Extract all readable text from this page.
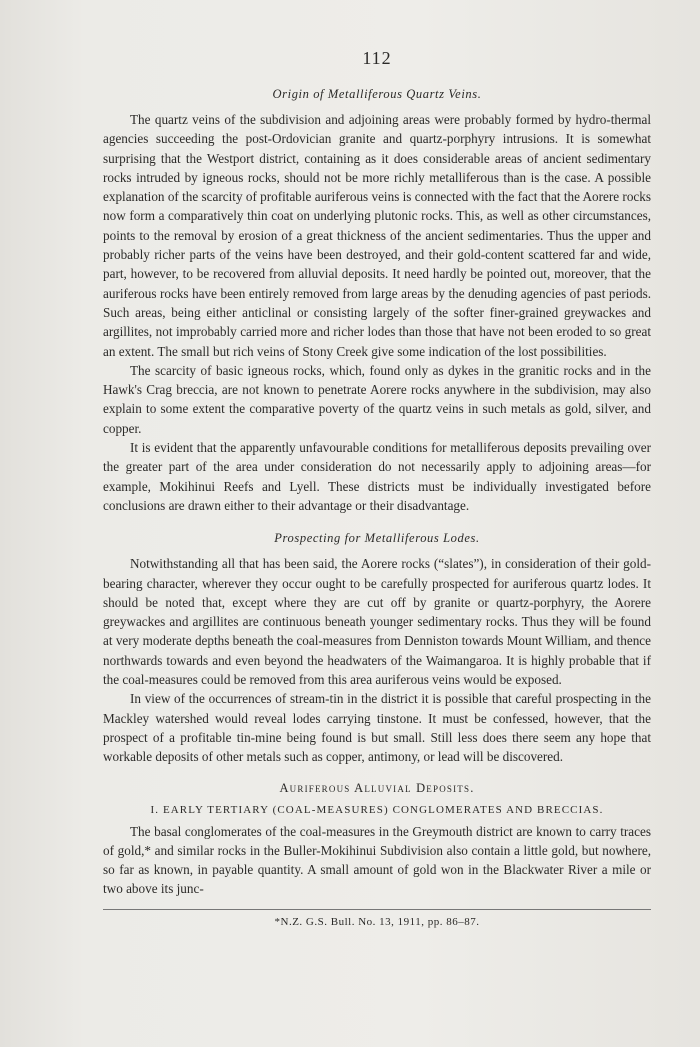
112
Origin of Metalliferous Quartz Veins.

The quartz veins of the subdivision and adjoining areas were probably formed by hydro-thermal agencies succeeding the post-Ordovician granite and quartz-porphyry intrusions. It is somewhat surprising that the Westport district, containing as it does considerable areas of ancient sedimentary rocks intruded by igneous rocks, should not be more richly metalliferous than is the case. A possible explanation of the scarcity of profitable auriferous veins is connected with the fact that the Aorere rocks now form a comparatively thin coat on underlying plutonic rocks. This, as well as other circumstances, points to the removal by erosion of a great thickness of the ancient sedimentaries. Thus the upper and probably richer parts of the veins have been destroyed, and their gold-content scattered far and wide, part, however, to be recovered from alluvial deposits. It need hardly be pointed out, moreover, that the auriferous rocks have been entirely removed from large areas by the denuding agencies of past periods. Such areas, being either anticlinal or consisting largely of the softer finer-grained greywackes and argillites, not improbably carried more and richer lodes than those that have not been eroded to so great an extent. The small but rich veins of Stony Creek give some indication of the lost possibilities.

The scarcity of basic igneous rocks, which, found only as dykes in the granitic rocks and in the Hawk's Crag breccia, are not known to penetrate Aorere rocks anywhere in the subdivision, may also explain to some extent the comparative poverty of the quartz veins in such metals as gold, silver, and copper.

It is evident that the apparently unfavourable conditions for metalliferous deposits prevailing over the greater part of the area under consideration do not necessarily apply to adjoining areas—for example, Mokihinui Reefs and Lyell. These districts must be individually investigated before conclusions are drawn either to their advantage or their disadvantage.

Prospecting for Metalliferous Lodes.

Notwithstanding all that has been said, the Aorere rocks (“slates”), in consideration of their gold-bearing character, wherever they occur ought to be carefully prospected for auriferous quartz lodes. It should be noted that, except where they are cut off by granite or quartz-porphyry, the Aorere greywackes and argillites are continuous beneath younger sedimentary rocks. Thus they will be found at very moderate depths beneath the coal-measures from Denniston towards Mount William, and thence northwards towards and even beyond the headwaters of the Waimangaroa. It is highly probable that if the coal-measures could be removed from this area auriferous veins would be exposed.

In view of the occurrences of stream-tin in the district it is possible that careful prospecting in the Mackley watershed would reveal lodes carrying tinstone. It must be confessed, however, that the prospect of a profitable tin-mine being found is but small. Still less does there seem any hope that workable deposits of other metals such as copper, antimony, or lead will be discovered.

Auriferous Alluvial Deposits.
I. EARLY TERTIARY (COAL-MEASURES) CONGLOMERATES AND BRECCIAS.

The basal conglomerates of the coal-measures in the Greymouth district are known to carry traces of gold,* and similar rocks in the Buller-Mokihinui Subdivision also contain a little gold, but nowhere, so far as known, in payable quantity. A small amount of gold won in the Blackwater River a mile or two above its junc-

*N.Z. G.S. Bull. No. 13, 1911, pp. 86–87.
